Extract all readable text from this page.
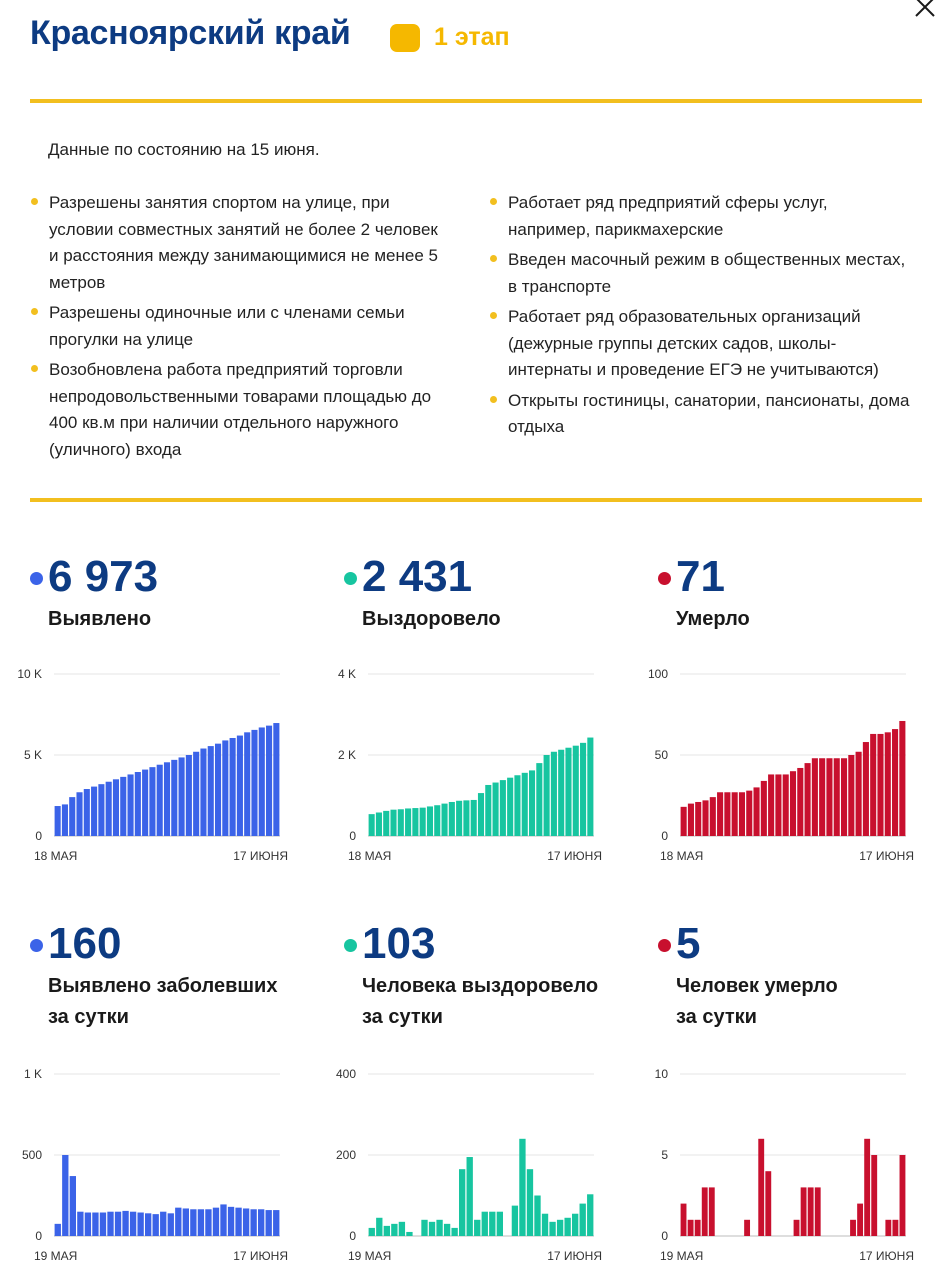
Красноярский край	1 этап
Данные по состоянию на 15 июня.
Разрешены занятия спортом на улице, при условии совместных занятий не более 2 человек и расстояния между занимающимися не менее 5 метров
Разрешены одиночные или с членами семьи прогулки на улице
Возобновлена работа предприятий торговли непродовольственными товарами площадью до 400 кв.м при наличии отдельного наружного (уличного) входа
Работает ряд предприятий сферы услуг, например, парикмахерские
Введен масочный режим в общественных местах, в транспорте
Работает ряд образовательных организаций (дежурные группы детских садов, школы-интернаты и проведение ЕГЭ не учитываются)
Открыты гостиницы, санатории, пансионаты, дома отдыха
6 973
Выявлено
2 431
Выздоровело
71
Умерло
160
Выявлено заболевших
за сутки
103
Человека выздоровело
за сутки
5
Человек умерло
за сутки
0
5 K
10 K
18 МАЯ	17 ИЮНЯ
0
2 K
4 K
18 МАЯ	17 ИЮНЯ
0
50
100
18 МАЯ	17 ИЮНЯ
0
500
1 K
19 МАЯ	17 ИЮНЯ
0
200
400
19 МАЯ	17 ИЮНЯ
0
5
10
19 МАЯ	17 ИЮНЯ
